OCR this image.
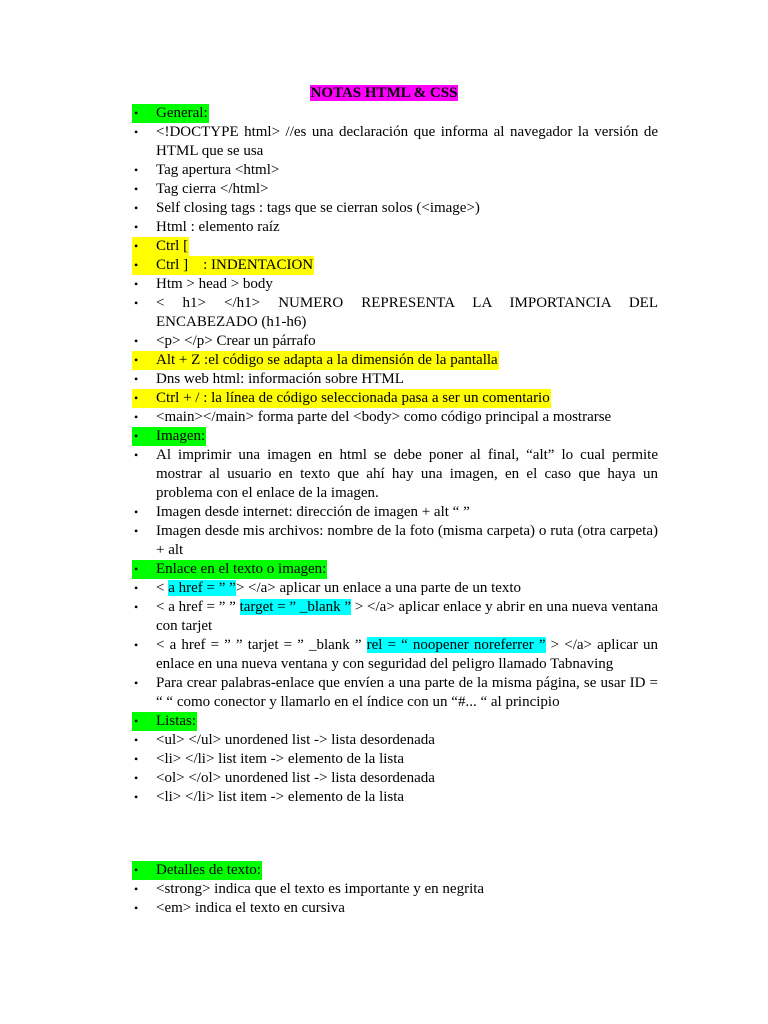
NOTAS HTML & CSS
• General:
• <!DOCTYPE html> //es una declaración que informa al navegador la versión de HTML que se usa
• Tag apertura <html>
• Tag cierra </html>
• Self closing tags : tags que se cierran solos (<image>)
• Html : elemento raíz
• Ctrl [
• Ctrl ]    : INDENTACION
• Htm > head > body
• < h1> </h1> NUMERO REPRESENTA LA IMPORTANCIA DEL ENCABEZADO (h1-h6)
• <p> </p> Crear un párrafo
• Alt + Z :el código se adapta a la dimensión de la pantalla
• Dns web html: información sobre HTML
• Ctrl + / : la línea de código seleccionada pasa a ser un comentario
• <main></main> forma parte del <body> como código principal a mostrarse
• Imagen:
• Al imprimir una imagen en html se debe poner al final, “alt” lo cual permite mostrar al usuario en texto que ahí hay una imagen, en el caso que haya un problema con el enlace de la imagen.
• Imagen desde internet: dirección de imagen + alt “ ”
• Imagen desde mis archivos: nombre de la foto (misma carpeta) o ruta (otra carpeta) + alt
• Enlace en el texto o imagen:
• < a href = ” ”> </a> aplicar un enlace a una parte de un texto
• < a href = ” ” target = ” _blank ” > </a> aplicar enlace y abrir en una nueva ventana con tarjet
• < a href = ” ” tarjet = ” _blank ” rel = “ noopener noreferrer ” > </a> aplicar un enlace en una nueva ventana y con seguridad del peligro llamado Tabnaving
• Para crear palabras-enlace que envíen a una parte de la misma página, se usar ID = “ “ como conector y llamarlo en el índice con un “#... “ al principio
• Listas:
• <ul> </ul> unordened list -> lista desordenada
• <li> </li> list item -> elemento de la lista
• <ol> </ol> unordened list -> lista desordenada
• <li> </li> list item -> elemento de la lista
• Detalles de texto:
• <strong> indica que el texto es importante y en negrita
• <em> indica el texto en cursiva
